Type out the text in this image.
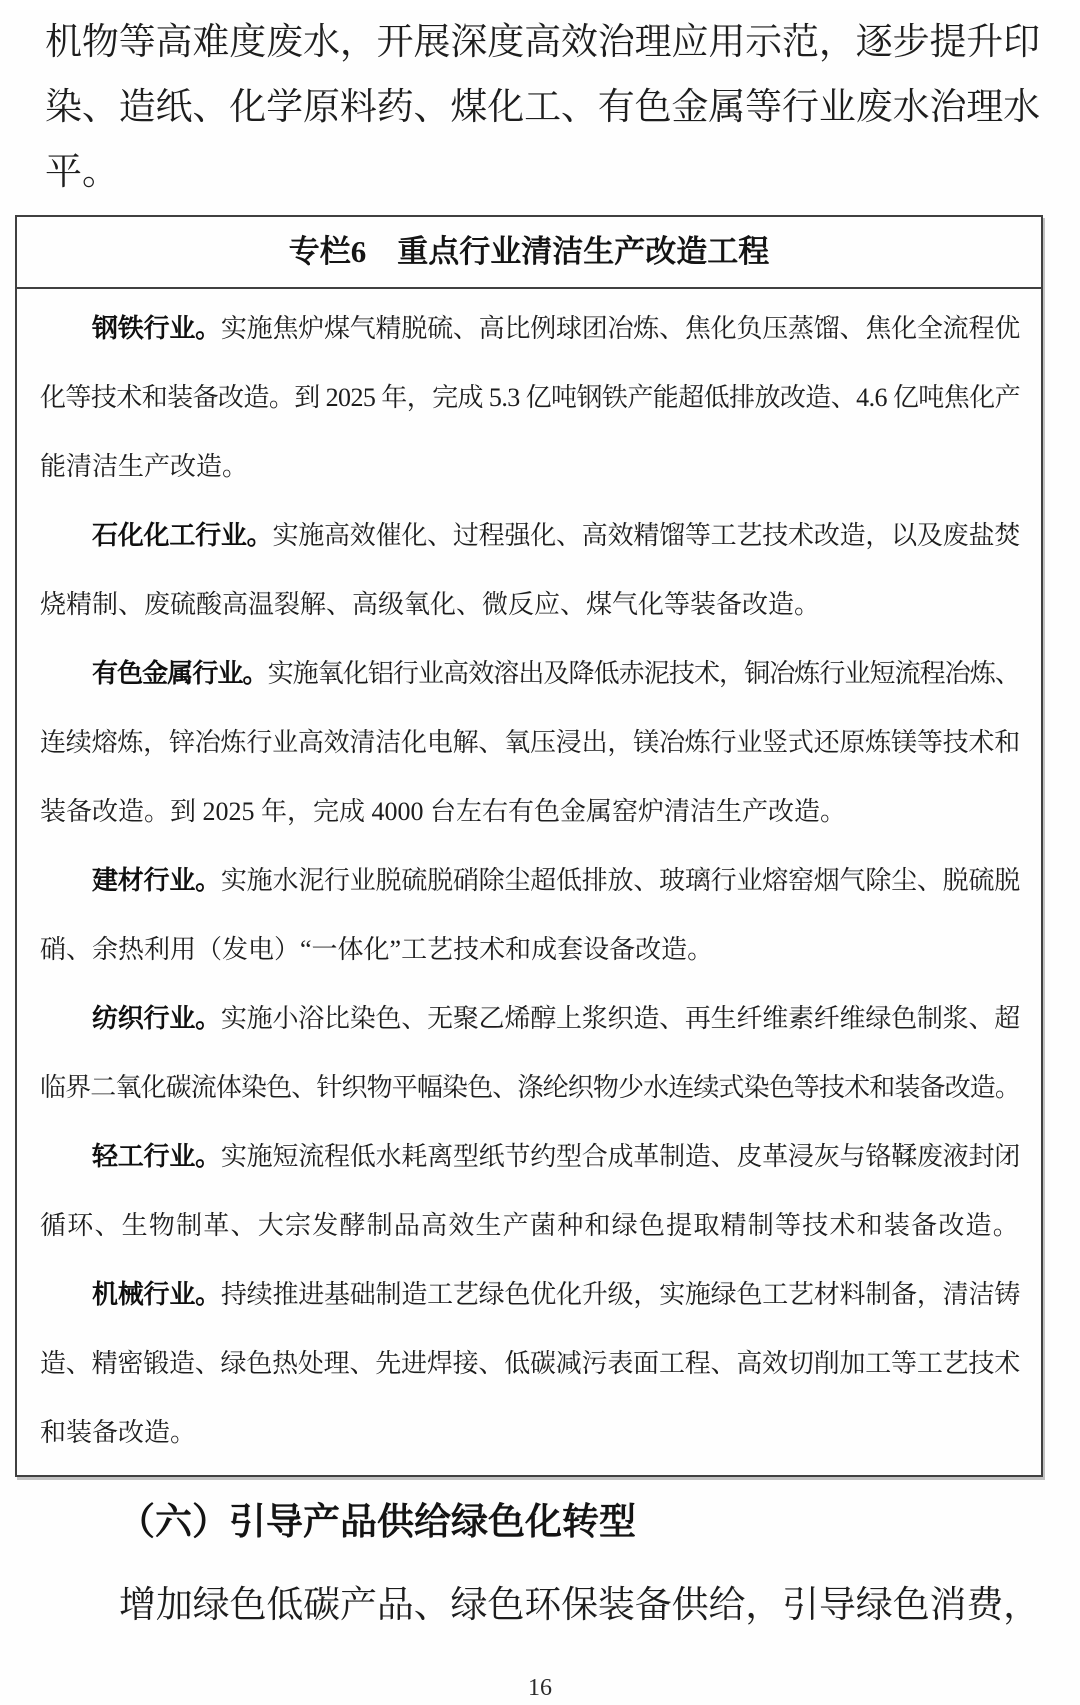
机物等高难度废水，开展深度高效治理应用示范，逐步提升印
染、造纸、化学原料药、煤化工、有色金属等行业废水治理水
平。
专栏6　重点行业清洁生产改造工程
钢铁行业。实施焦炉煤气精脱硫、高比例球团冶炼、焦化负压蒸馏、焦化全流程优
化等技术和装备改造。到 2025 年，完成 5.3 亿吨钢铁产能超低排放改造、4.6 亿吨焦化产
能清洁生产改造。
石化化工行业。实施高效催化、过程强化、高效精馏等工艺技术改造，以及废盐焚
烧精制、废硫酸高温裂解、高级氧化、微反应、煤气化等装备改造。
有色金属行业。实施氧化铝行业高效溶出及降低赤泥技术，铜冶炼行业短流程冶炼、
连续熔炼，锌冶炼行业高效清洁化电解、氧压浸出，镁冶炼行业竖式还原炼镁等技术和
装备改造。到 2025 年，完成 4000 台左右有色金属窑炉清洁生产改造。
建材行业。实施水泥行业脱硫脱硝除尘超低排放、玻璃行业熔窑烟气除尘、脱硫脱
硝、余热利用（发电）“一体化”工艺技术和成套设备改造。
纺织行业。实施小浴比染色、无聚乙烯醇上浆织造、再生纤维素纤维绿色制浆、超
临界二氧化碳流体染色、针织物平幅染色、涤纶织物少水连续式染色等技术和装备改造。
轻工行业。实施短流程低水耗离型纸节约型合成革制造、皮革浸灰与铬鞣废液封闭
循环、生物制革、大宗发酵制品高效生产菌种和绿色提取精制等技术和装备改造。
机械行业。持续推进基础制造工艺绿色优化升级，实施绿色工艺材料制备，清洁铸
造、精密锻造、绿色热处理、先进焊接、低碳减污表面工程、高效切削加工等工艺技术
和装备改造。
（六）引导产品供给绿色化转型
增加绿色低碳产品、绿色环保装备供给，引导绿色消费，
16
